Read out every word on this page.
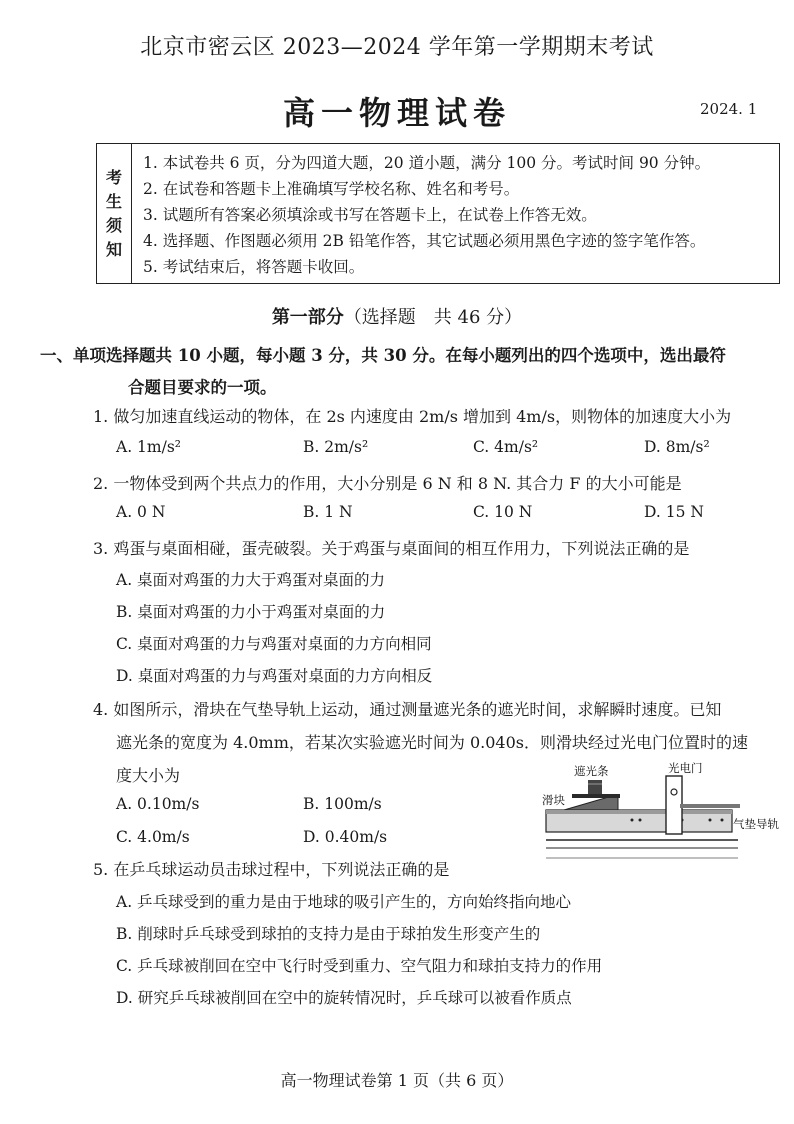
北京市密云区 2023—2024 学年第一学期期末考试
高一物理试卷	2024. 1
考
生
须
知
1. 本试卷共 6 页，分为四道大题，20 道小题，满分 100 分。考试时间 90 分钟。
2. 在试卷和答题卡上准确填写学校名称、姓名和考号。
3. 试题所有答案必须填涂或书写在答题卡上，在试卷上作答无效。
4. 选择题、作图题必须用 2B 铅笔作答，其它试题必须用黑色字迹的签字笔作答。
5. 考试结束后，将答题卡收回。
第一部分（选择题　共 46 分）
一、单项选择题共 10 小题，每小题 3 分，共 30 分。在每小题列出的四个选项中，选出最符
合题目要求的一项。
1. 做匀加速直线运动的物体，在 2s 内速度由 2m/s 增加到 4m/s，则物体的加速度大小为
A. 1m/s²	B. 2m/s²	C. 4m/s²	D. 8m/s²
2. 一物体受到两个共点力的作用，大小分别是 6 N 和 8 N. 其合力 F 的大小可能是
A. 0 N	B. 1 N	C. 10 N	D. 15 N
3. 鸡蛋与桌面相碰，蛋壳破裂。关于鸡蛋与桌面间的相互作用力，下列说法正确的是
A. 桌面对鸡蛋的力大于鸡蛋对桌面的力
B. 桌面对鸡蛋的力小于鸡蛋对桌面的力
C. 桌面对鸡蛋的力与鸡蛋对桌面的力方向相同
D. 桌面对鸡蛋的力与鸡蛋对桌面的力方向相反
4. 如图所示，滑块在气垫导轨上运动，通过测量遮光条的遮光时间，求解瞬时速度。已知
遮光条的宽度为 4.0mm，若某次实验遮光时间为 0.040s．则滑块经过光电门位置时的速
度大小为
A. 0.10m/s	B. 100m/s
C. 4.0m/s	D. 0.40m/s
遮光条	光电门
滑块
气垫导轨
5. 在乒乓球运动员击球过程中，下列说法正确的是
A. 乒乓球受到的重力是由于地球的吸引产生的，方向始终指向地心
B. 削球时乒乓球受到球拍的支持力是由于球拍发生形变产生的
C. 乒乓球被削回在空中飞行时受到重力、空气阻力和球拍支持力的作用
D. 研究乒乓球被削回在空中的旋转情况时，乒乓球可以被看作质点
高一物理试卷第 1 页（共 6 页）
